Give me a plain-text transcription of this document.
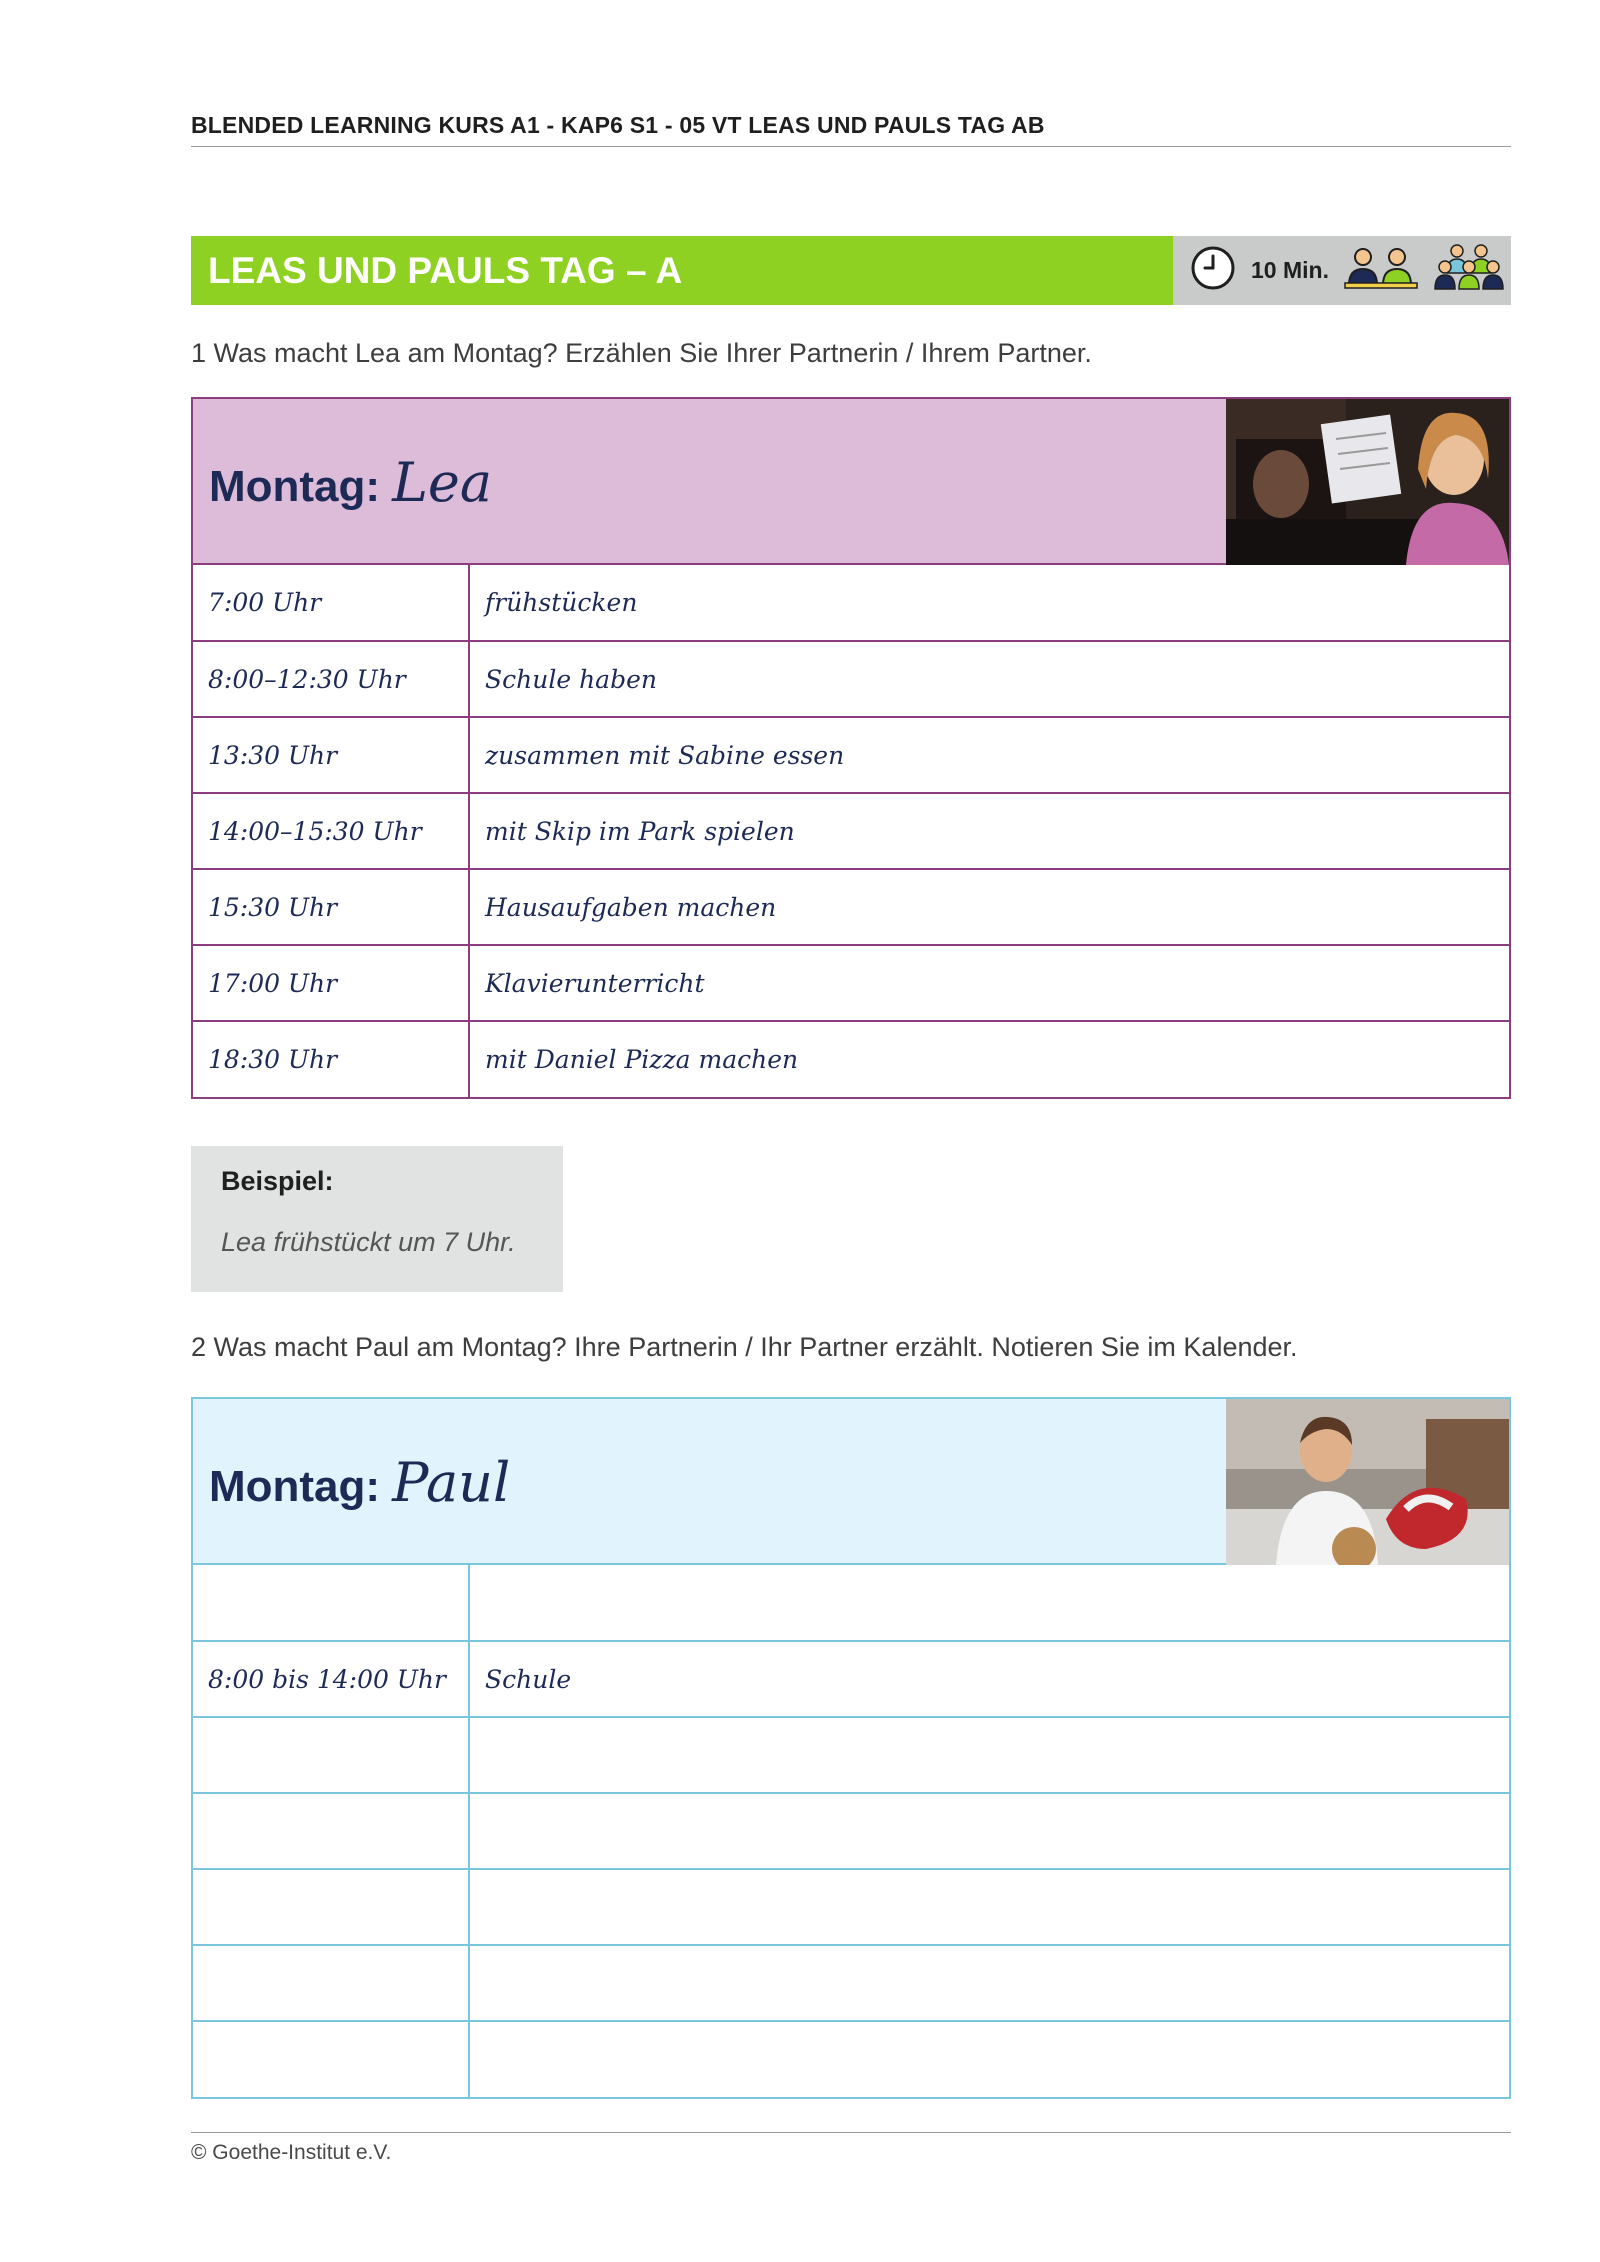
BLENDED LEARNING KURS A1 - KAP6 S1 - 05 VT LEAS UND PAULS TAG AB
LEAS UND PAULS TAG – A	10 Min.
1 Was macht Lea am Montag? Erzählen Sie Ihrer Partnerin / Ihrem Partner.
Montag: Lea
7:00 Uhr	frühstücken
8:00–12:30 Uhr	Schule haben
13:30 Uhr	zusammen mit Sabine essen
14:00–15:30 Uhr	mit Skip im Park spielen
15:30 Uhr	Hausaufgaben machen
17:00 Uhr	Klavierunterricht
18:30 Uhr	mit Daniel Pizza machen
Beispiel:
Lea frühstückt um 7 Uhr.
2 Was macht Paul am Montag? Ihre Partnerin / Ihr Partner erzählt. Notieren Sie im Kalender.
Montag: Paul

8:00 bis 14:00 Uhr	Schule

© Goethe-Institut e.V.
